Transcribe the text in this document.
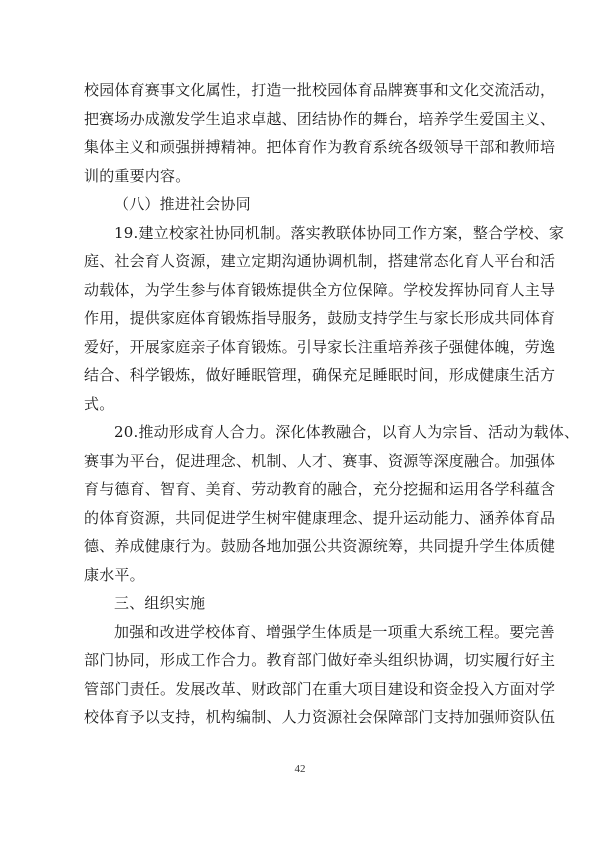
校园体育赛事文化属性，打造一批校园体育品牌赛事和文化交流活动，
把赛场办成激发学生追求卓越、团结协作的舞台，培养学生爱国主义、
集体主义和顽强拼搏精神。把体育作为教育系统各级领导干部和教师培
训的重要内容。
（八）推进社会协同
19.建立校家社协同机制。落实教联体协同工作方案，整合学校、家
庭、社会育人资源，建立定期沟通协调机制，搭建常态化育人平台和活
动载体，为学生参与体育锻炼提供全方位保障。学校发挥协同育人主导
作用，提供家庭体育锻炼指导服务，鼓励支持学生与家长形成共同体育
爱好，开展家庭亲子体育锻炼。引导家长注重培养孩子强健体魄，劳逸
结合、科学锻炼，做好睡眠管理，确保充足睡眠时间，形成健康生活方
式。
20.推动形成育人合力。深化体教融合，以育人为宗旨、活动为载体、
赛事为平台，促进理念、机制、人才、赛事、资源等深度融合。加强体
育与德育、智育、美育、劳动教育的融合，充分挖掘和运用各学科蕴含
的体育资源，共同促进学生树牢健康理念、提升运动能力、涵养体育品
德、养成健康行为。鼓励各地加强公共资源统筹，共同提升学生体质健
康水平。
三、组织实施
加强和改进学校体育、增强学生体质是一项重大系统工程。要完善
部门协同，形成工作合力。教育部门做好牵头组织协调，切实履行好主
管部门责任。发展改革、财政部门在重大项目建设和资金投入方面对学
校体育予以支持，机构编制、人力资源社会保障部门支持加强师资队伍
42
